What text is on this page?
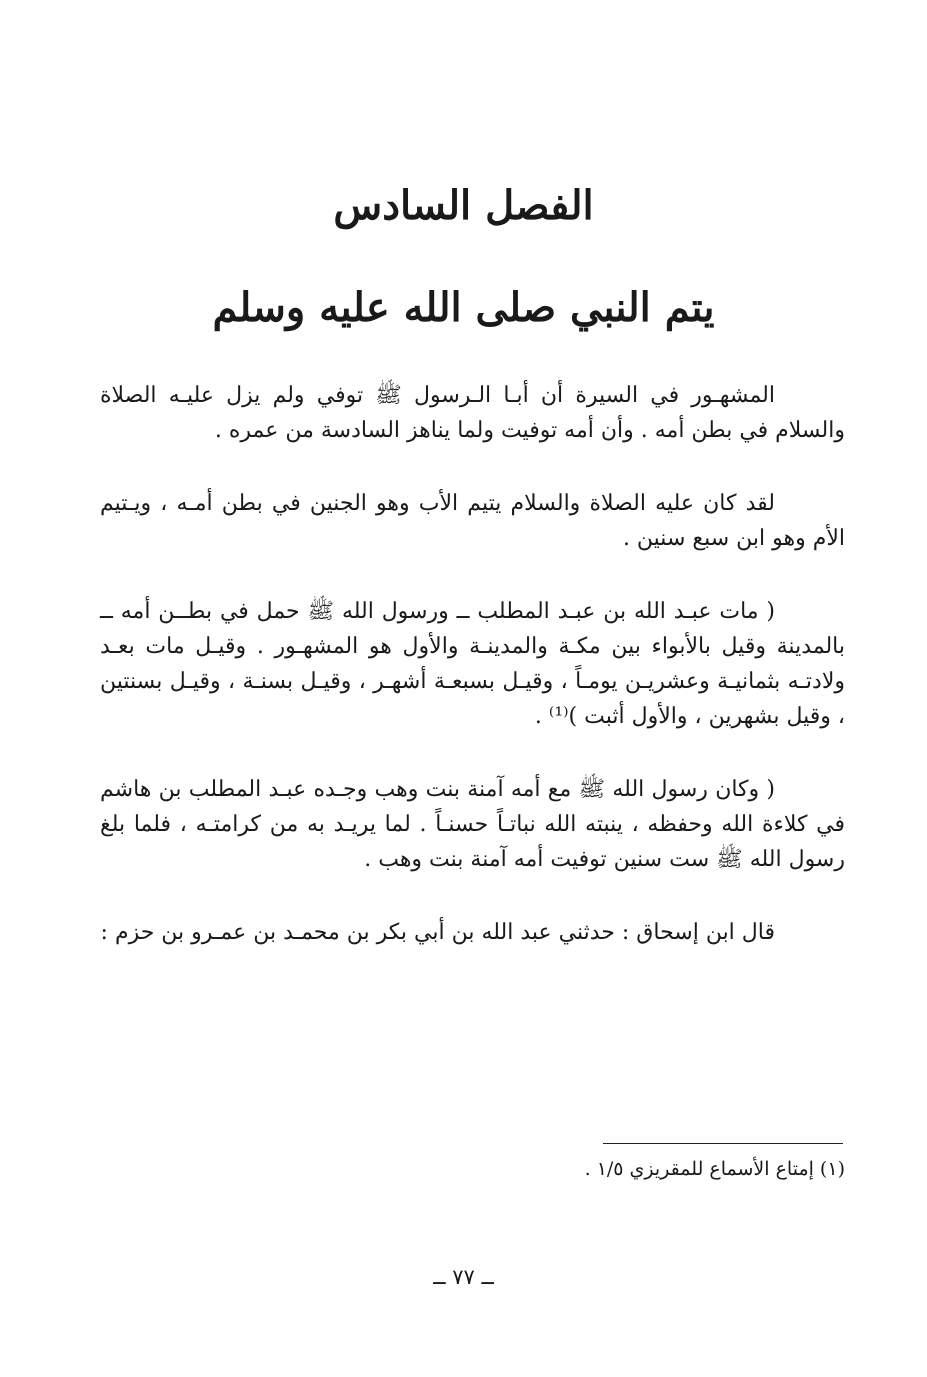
الفصل السادس
يتم النبي صلى الله عليه وسلم

المشهـور في السيرة أن أبـا الـرسول ﷺ توفي ولم يزل عليـه الصلاة والسلام في بطن أمه . وأن أمه توفيت ولما يناهز السادسة من عمره .

لقد كان عليه الصلاة والسلام يتيم الأب وهو الجنين في بطن أمـه ، ويـتيم الأم وهو ابن سبع سنين .

( مات عبـد الله بن عبـد المطلب ــ ورسول الله ﷺ حمل في بطــن أمه ــ بالمدينة وقيل بالأبواء بين مكـة والمدينـة والأول هو المشهـور . وقيـل مات بعـد ولادتـه بثمانيـة وعشريـن يومـاً ، وقيـل بسبعـة أشهـر ، وقيـل بسنـة ، وقيـل بسنتين ، وقيل بشهرين ، والأول أثبت )⁽¹⁾ .

( وكان رسول الله ﷺ مع أمه آمنة بنت وهب وجـده عبـد المطلب بن هاشم في كلاءة الله وحفظه ، ينبته الله نباتـاً حسنـاً . لما يريـد به من كرامتـه ، فلما بلغ رسول الله ﷺ ست سنين توفيت أمه آمنة بنت وهب .

قال ابن إسحاق : حدثني عبد الله بن أبي بكر بن محمـد بن عمـرو بن حزم :

(١) إمتاع الأسماع للمقريزي ١/٥ .
ــ ٧٧ ــ
